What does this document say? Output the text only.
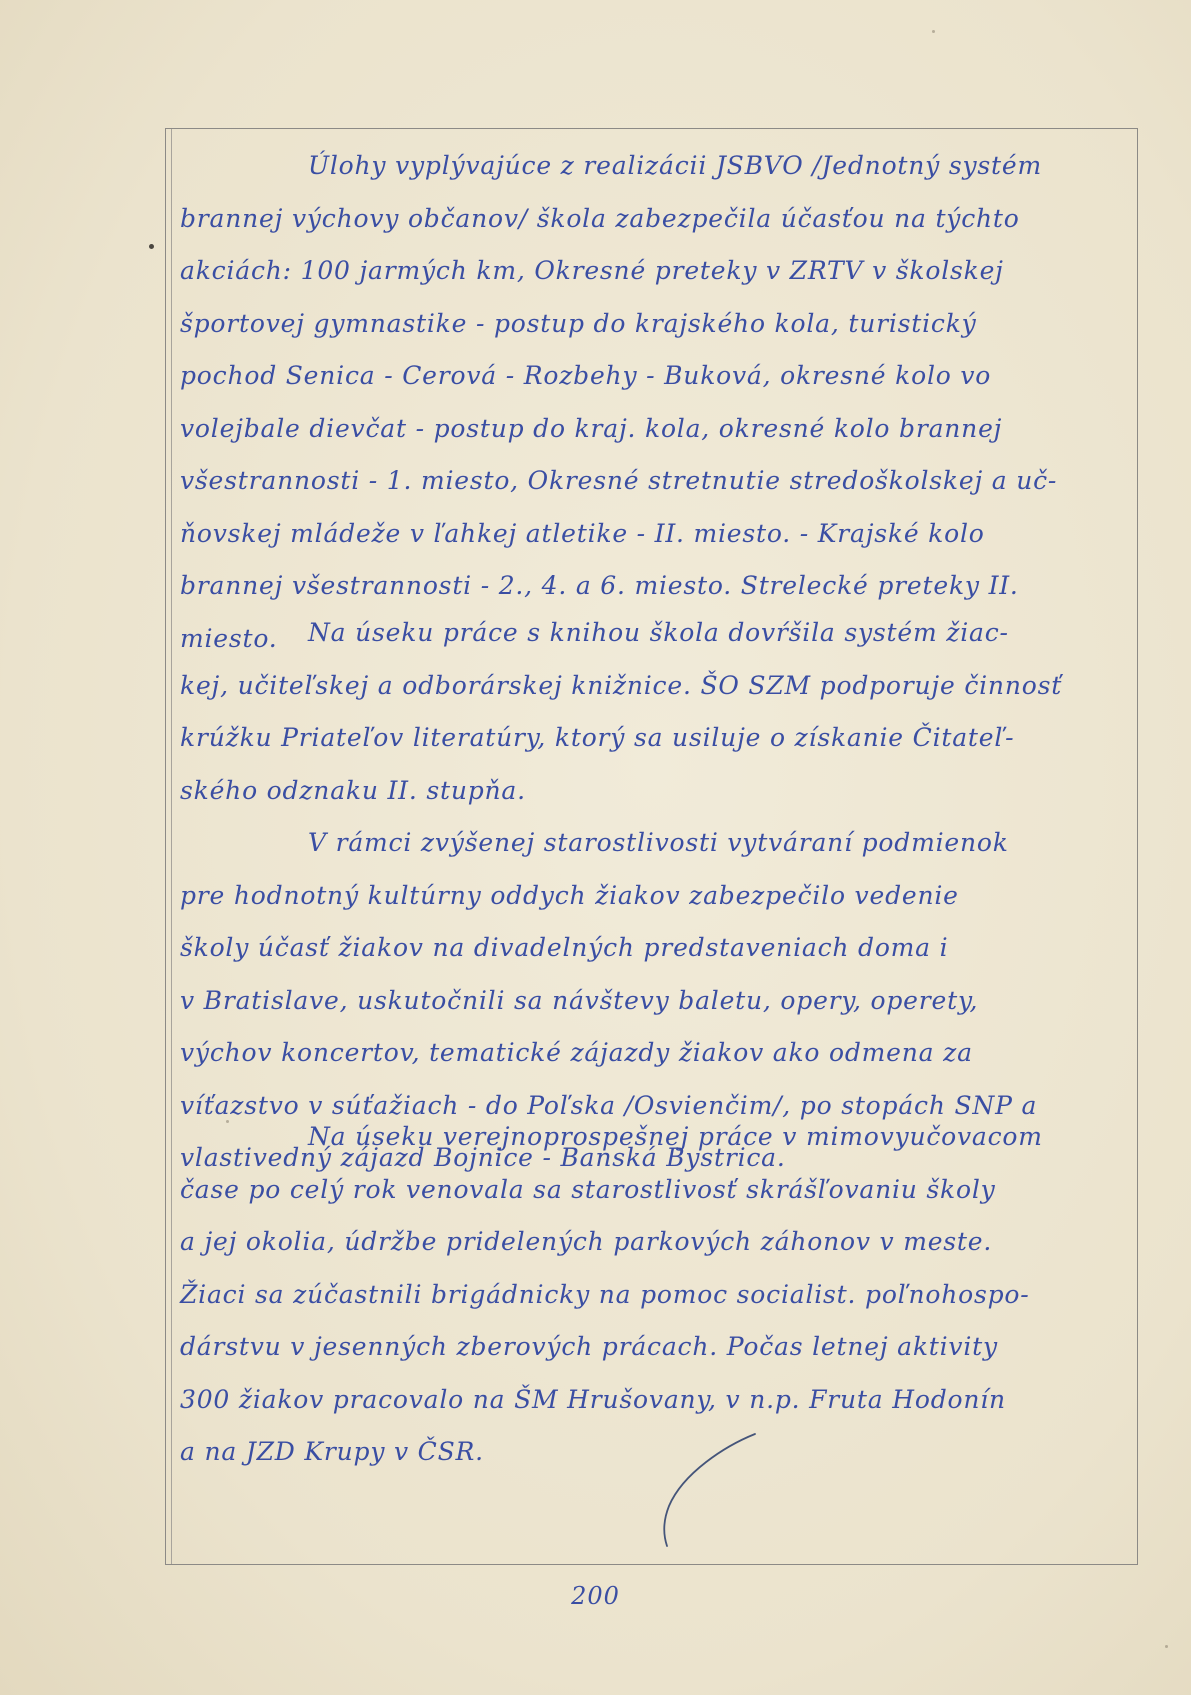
Úlohy vyplývajúce z realizácii JSBVO /Jednotný systém
brannej výchovy občanov/ škola zabezpečila účasťou na týchto
akciách: 100 jarmých km, Okresné preteky v ZRTV v školskej
športovej gymnastike - postup do krajského kola, turistický
pochod Senica - Cerová - Rozbehy - Buková, okresné kolo vo
volejbale dievčat - postup do kraj. kola, okresné kolo brannej
všestrannosti - 1. miesto, Okresné stretnutie stredoškolskej a uč-
ňovskej mládeže v ľahkej atletike - II. miesto. - Krajské kolo
brannej všestrannosti - 2., 4. a 6. miesto. Strelecké preteky II.
miesto.	Na úseku práce s knihou škola dovŕšila systém žiac-
kej, učiteľskej a odborárskej knižnice. ŠO SZM podporuje činnosť
krúžku Priateľov literatúry, ktorý sa usiluje o získanie Čitateľ-
ského odznaku II. stupňa.
V rámci zvýšenej starostlivosti vytváraní podmienok
pre hodnotný kultúrny oddych žiakov zabezpečilo vedenie
školy účasť žiakov na divadelných predstaveniach doma i
v Bratislave, uskutočnili sa návštevy baletu, opery, operety,
výchov koncertov, tematické zájazdy žiakov ako odmena za
víťazstvo v súťažiach - do Poľska /Osvienčim/, po stopách SNP a
vlastivedný zájazd Bojnice - Banská Bystrica.
Na úseku verejnoprospešnej práce v mimovyučovacom
čase po celý rok venovala sa starostlivosť skrášľovaniu školy
a jej okolia, údržbe pridelených parkových záhonov v meste.
Žiaci sa zúčastnili brigádnicky na pomoc socialist. poľnohospo-
dárstvu v jesenných zberových prácach. Počas letnej aktivity
300 žiakov pracovalo na ŠM Hrušovany, v n.p. Fruta Hodonín
a na JZD Krupy v ČSR.
200
